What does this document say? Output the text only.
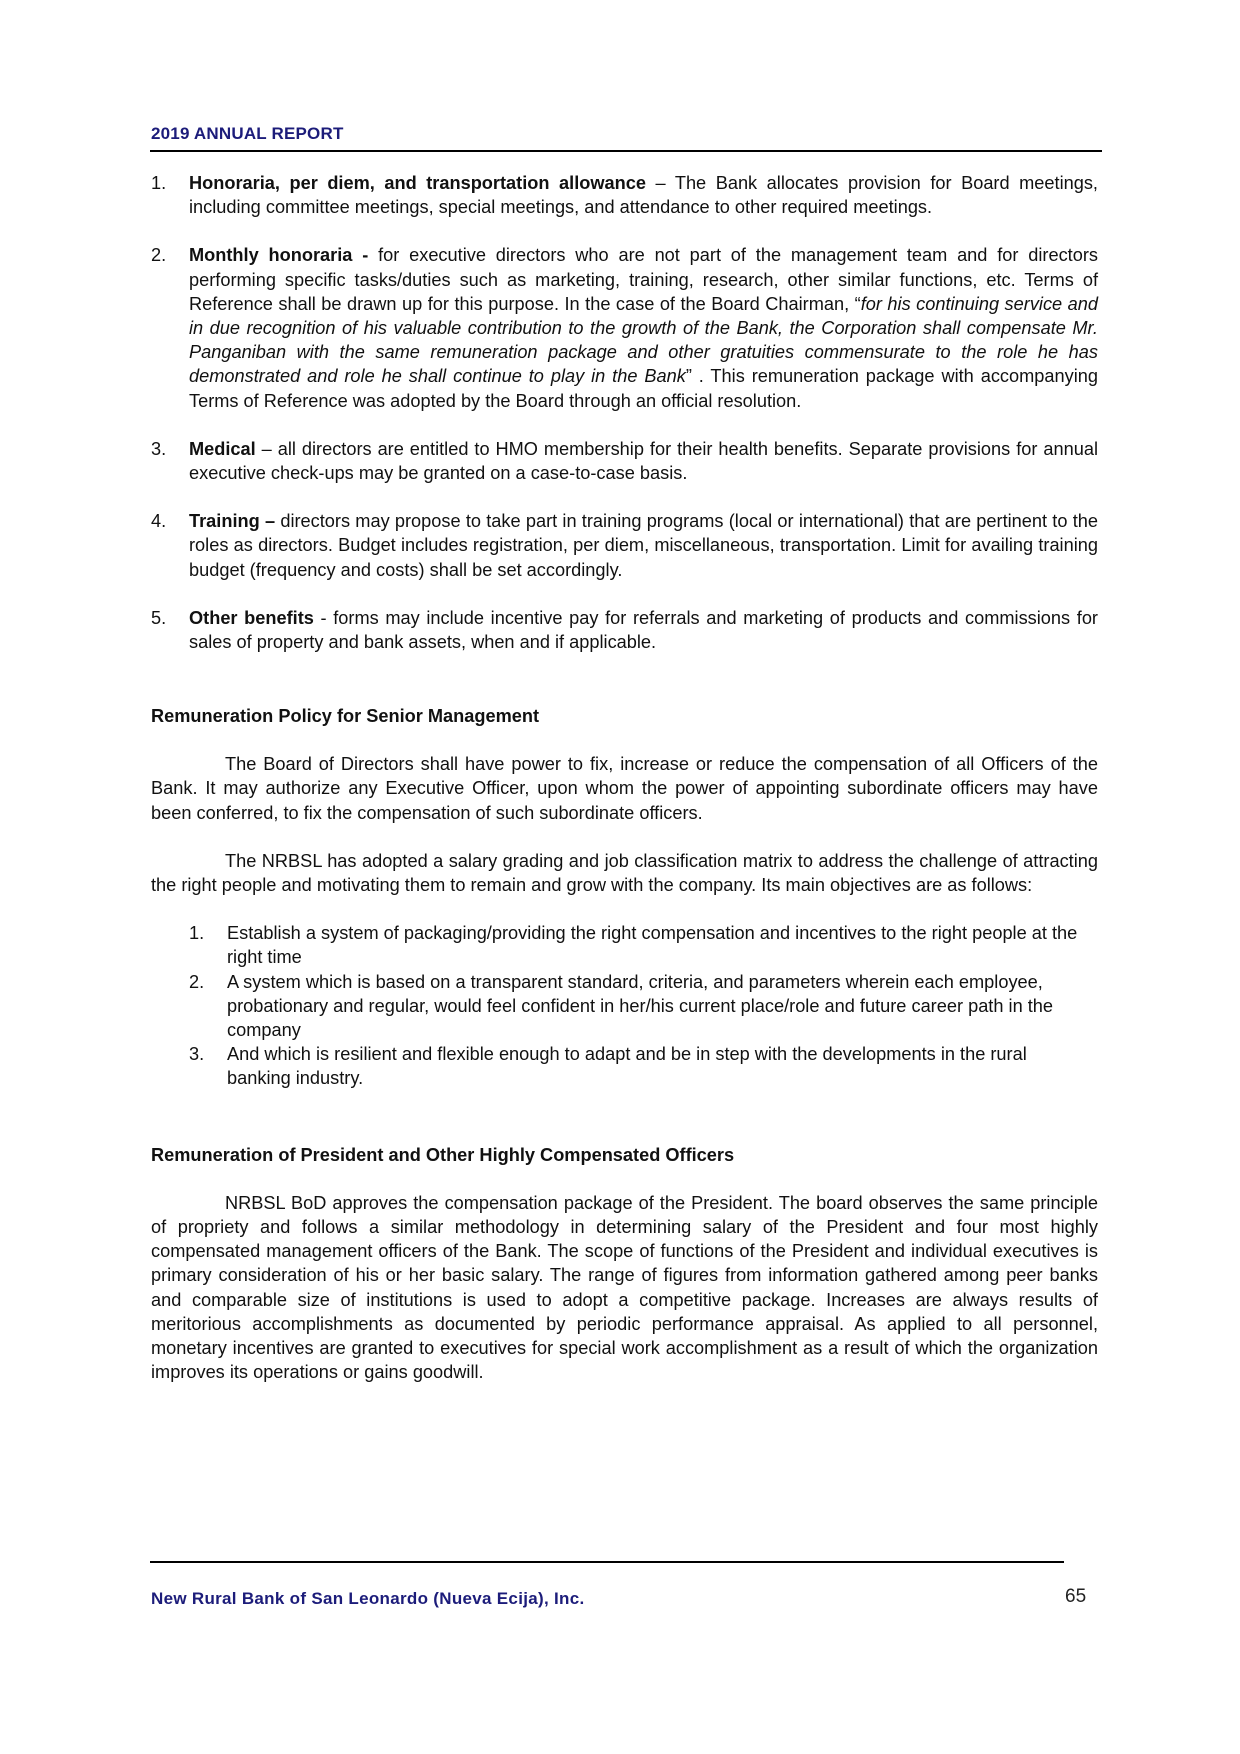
2019 ANNUAL REPORT
1. Honoraria, per diem, and transportation allowance – The Bank allocates provision for Board meetings, including committee meetings, special meetings, and attendance to other required meetings.
2. Monthly honoraria - for executive directors who are not part of the management team and for directors performing specific tasks/duties such as marketing, training, research, other similar functions, etc. Terms of Reference shall be drawn up for this purpose. In the case of the Board Chairman, “for his continuing service and in due recognition of his valuable contribution to the growth of the Bank, the Corporation shall compensate Mr. Panganiban with the same remuneration package and other gratuities commensurate to the role he has demonstrated and role he shall continue to play in the Bank” . This remuneration package with accompanying Terms of Reference was adopted by the Board through an official resolution.
3. Medical – all directors are entitled to HMO membership for their health benefits. Separate provisions for annual executive check-ups may be granted on a case-to-case basis.
4. Training – directors may propose to take part in training programs (local or international) that are pertinent to the roles as directors. Budget includes registration, per diem, miscellaneous, transportation. Limit for availing training budget (frequency and costs) shall be set accordingly.
5. Other benefits - forms may include incentive pay for referrals and marketing of products and commissions for sales of property and bank assets, when and if applicable.
Remuneration Policy for Senior Management

The Board of Directors shall have power to fix, increase or reduce the compensation of all Officers of the Bank. It may authorize any Executive Officer, upon whom the power of appointing subordinate officers may have been conferred, to fix the compensation of such subordinate officers.

The NRBSL has adopted a salary grading and job classification matrix to address the challenge of attracting the right people and motivating them to remain and grow with the company. Its main objectives are as follows:

1. Establish a system of packaging/providing the right compensation and incentives to the right people at the right time
2. A system which is based on a transparent standard, criteria, and parameters wherein each employee, probationary and regular, would feel confident in her/his current place/role and future career path in the company
3. And which is resilient and flexible enough to adapt and be in step with the developments in the rural banking industry.
Remuneration of President and Other Highly Compensated Officers

NRBSL BoD approves the compensation package of the President. The board observes the same principle of propriety and follows a similar methodology in determining salary of the President and four most highly compensated management officers of the Bank. The scope of functions of the President and individual executives is primary consideration of his or her basic salary. The range of figures from information gathered among peer banks and comparable size of institutions is used to adopt a competitive package. Increases are always results of meritorious accomplishments as documented by periodic performance appraisal. As applied to all personnel, monetary incentives are granted to executives for special work accomplishment as a result of which the organization improves its operations or gains goodwill.

New Rural Bank of San Leonardo (Nueva Ecija), Inc.	65
